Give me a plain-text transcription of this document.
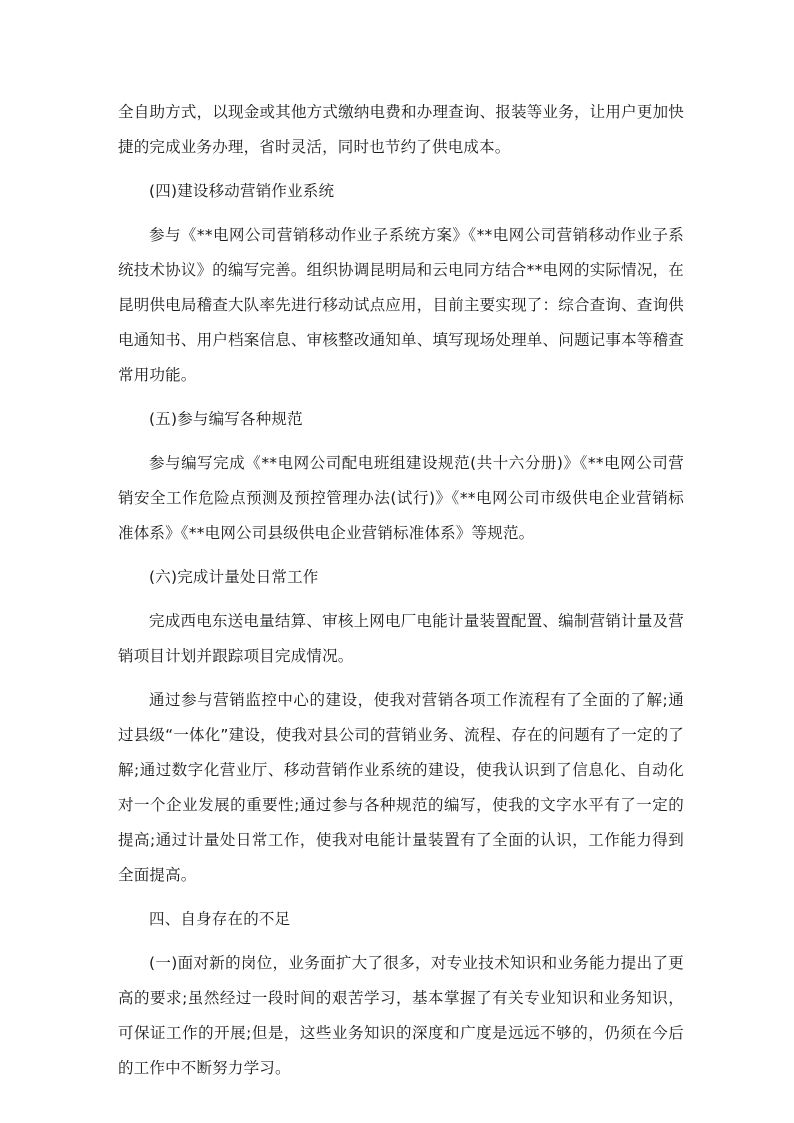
全自助方式，以现金或其他方式缴纳电费和办理查询、报装等业务，让用户更加快捷的完成业务办理，省时灵活，同时也节约了供电成本。

(四)建设移动营销作业系统

参与《**电网公司营销移动作业子系统方案》《**电网公司营销移动作业子系统技术协议》的编写完善。组织协调昆明局和云电同方结合**电网的实际情况，在昆明供电局稽查大队率先进行移动试点应用，目前主要实现了：综合查询、查询供电通知书、用户档案信息、审核整改通知单、填写现场处理单、问题记事本等稽查常用功能。

(五)参与编写各种规范

参与编写完成《**电网公司配电班组建设规范(共十六分册)》《**电网公司营销安全工作危险点预测及预控管理办法(试行)》《**电网公司市级供电企业营销标准体系》《**电网公司县级供电企业营销标准体系》等规范。

(六)完成计量处日常工作

完成西电东送电量结算、审核上网电厂电能计量装置配置、编制营销计量及营销项目计划并跟踪项目完成情况。

通过参与营销监控中心的建设，使我对营销各项工作流程有了全面的了解;通过县级“一体化”建设，使我对县公司的营销业务、流程、存在的问题有了一定的了解;通过数字化营业厅、移动营销作业系统的建设，使我认识到了信息化、自动化对一个企业发展的重要性;通过参与各种规范的编写，使我的文字水平有了一定的提高;通过计量处日常工作，使我对电能计量装置有了全面的认识，工作能力得到全面提高。

四、自身存在的不足

(一)面对新的岗位，业务面扩大了很多，对专业技术知识和业务能力提出了更高的要求;虽然经过一段时间的艰苦学习，基本掌握了有关专业知识和业务知识，可保证工作的开展;但是，这些业务知识的深度和广度是远远不够的，仍须在今后的工作中不断努力学习。
